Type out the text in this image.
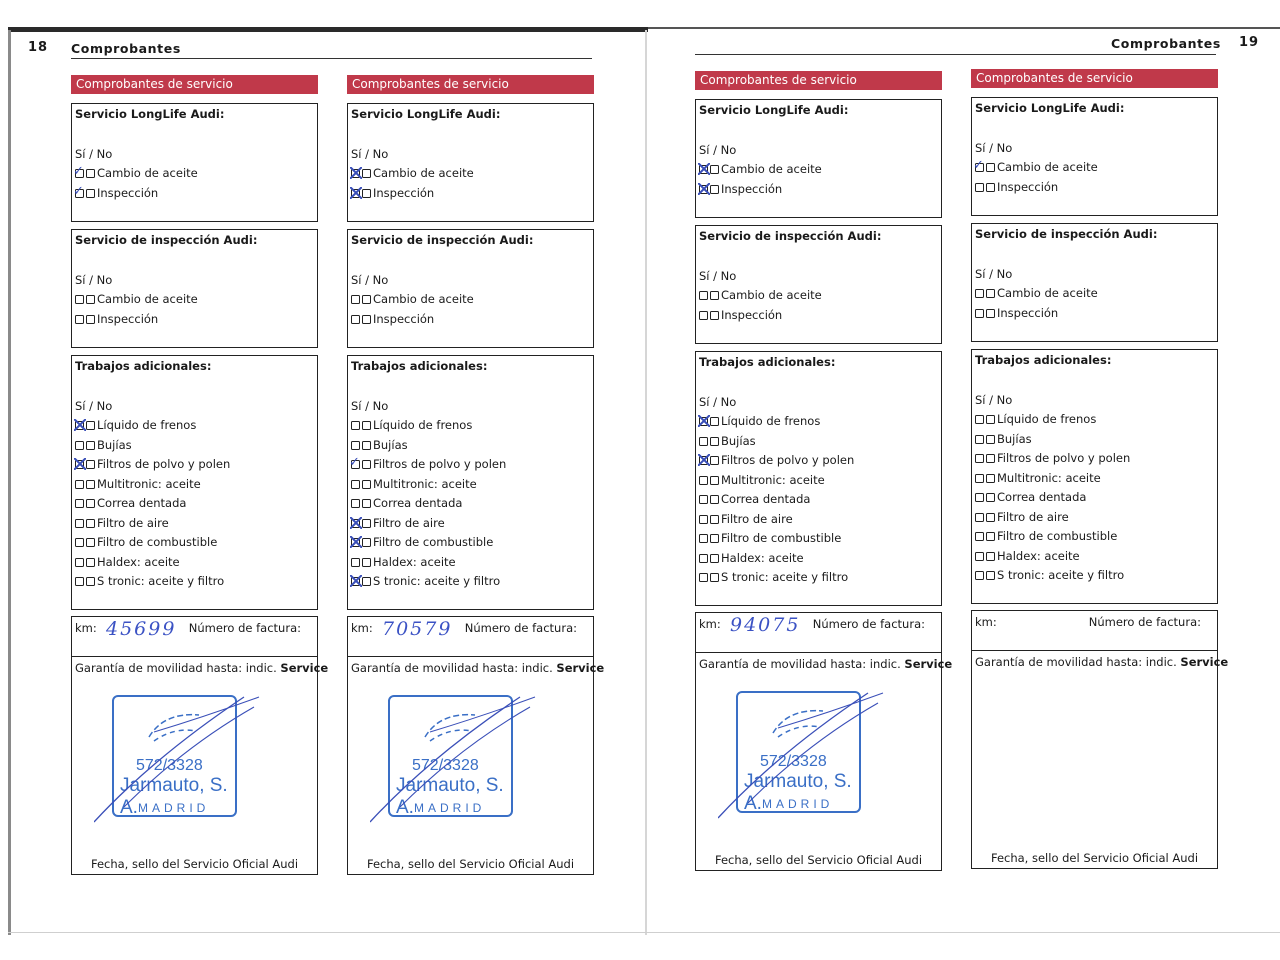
18 Comprobantes	Comprobantes 19
Comprobantes de servicio
Servicio LongLife Audi:
Sí / No
✓Cambio de aceite
✓Inspección
Servicio de inspección Audi:
Sí / No
Cambio de aceite
Inspección
Trabajos adicionales:
Sí / No
Líquido de frenos
Bujías
Filtros de polvo y polen
Multitronic: aceite
Correa dentada
Filtro de aire
Filtro de combustible
Haldex: aceite
S tronic: aceite y filtro
km: 45699 Número de factura:
Garantía de movilidad hasta: indic. Service
572/3328
Jarmauto, S. A. MADRID
Fecha, sello del Servicio Oficial Audi
Comprobantes de servicio
Servicio LongLife Audi:
Sí / No
Cambio de aceite
Inspección
Servicio de inspección Audi:
Sí / No
Cambio de aceite
Inspección
Trabajos adicionales:
Sí / No
Líquido de frenos
Bujías
✓Filtros de polvo y polen
Multitronic: aceite
Correa dentada
Filtro de aire
Filtro de combustible
Haldex: aceite
S tronic: aceite y filtro
km: 70579 Número de factura:
Garantía de movilidad hasta: indic. Service
572/3328
Jarmauto, S. A. MADRID
Fecha, sello del Servicio Oficial Audi
Comprobantes de servicio
Servicio LongLife Audi:
Sí / No
Cambio de aceite
Inspección
Servicio de inspección Audi:
Sí / No
Cambio de aceite
Inspección
Trabajos adicionales:
Sí / No
Líquido de frenos
Bujías
Filtros de polvo y polen
Multitronic: aceite
Correa dentada
Filtro de aire
Filtro de combustible
Haldex: aceite
S tronic: aceite y filtro
km: 94075 Número de factura:
Garantía de movilidad hasta: indic. Service
572/3328
Jarmauto, S. A. MADRID
Fecha, sello del Servicio Oficial Audi
Comprobantes de servicio
Servicio LongLife Audi:
Sí / No
✓Cambio de aceite
Inspección
Servicio de inspección Audi:
Sí / No
Cambio de aceite
Inspección
Trabajos adicionales:
Sí / No
Líquido de frenos
Bujías
Filtros de polvo y polen
Multitronic: aceite
Correa dentada
Filtro de aire
Filtro de combustible
Haldex: aceite
S tronic: aceite y filtro
km:	Número de factura:
Garantía de movilidad hasta: indic. Service
Fecha, sello del Servicio Oficial Audi
